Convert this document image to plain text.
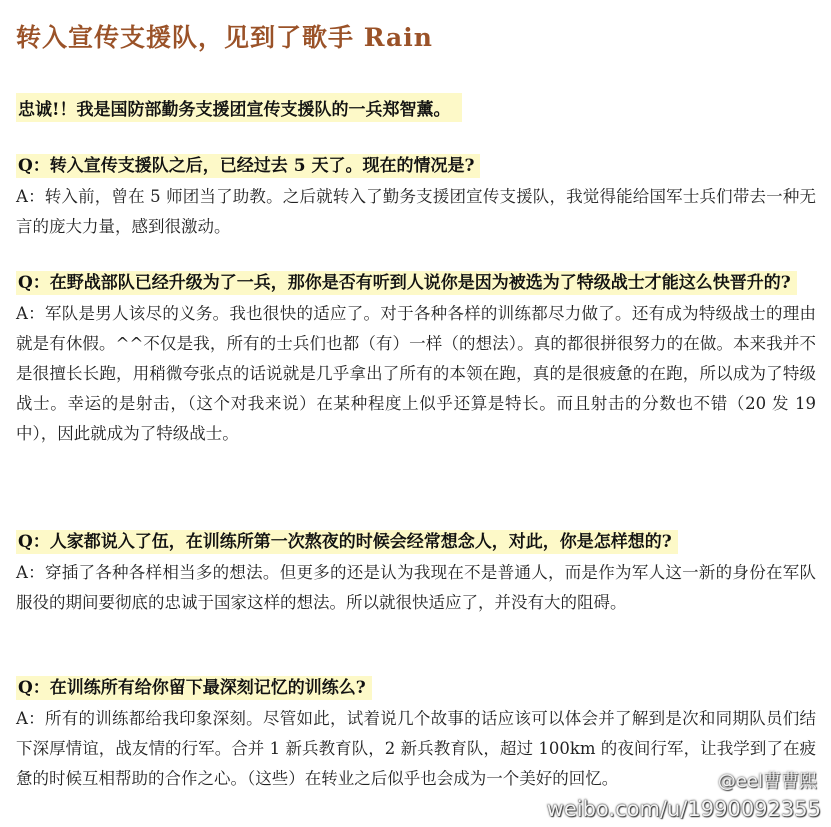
转入宣传支援队，见到了歌手 Rain
忠诚!！我是国防部勤务支援团宣传支援队的一兵郑智薰。
Q：转入宣传支援队之后，已经过去 5 天了。现在的情况是?

A：转入前，曾在 5 师团当了助教。之后就转入了勤务支援团宣传支援队，我觉得能给国军士兵们带去一种无言的庞大力量，感到很激动。

Q：在野战部队已经升级为了一兵，那你是否有听到人说你是因为被选为了特级战士才能这么快晋升的?

A：军队是男人该尽的义务。我也很快的适应了。对于各种各样的训练都尽力做了。还有成为特级战士的理由就是有休假。^^不仅是我，所有的士兵们也都（有）一样（的想法）。真的都很拼很努力的在做。本来我并不是很擅长长跑，用稍微夸张点的话说就是几乎拿出了所有的本领在跑，真的是很疲惫的在跑，所以成为了特级战士。幸运的是射击，（这个对我来说）在某种程度上似乎还算是特长。而且射击的分数也不错（20 发 19 中），因此就成为了特级战士。

Q：人家都说入了伍，在训练所第一次熬夜的时候会经常想念人，对此，你是怎样想的?

A：穿插了各种各样相当多的想法。但更多的还是认为我现在不是普通人，而是作为军人这一新的身份在军队服役的期间要彻底的忠诚于国家这样的想法。所以就很快适应了，并没有大的阻碍。

Q：在训练所有给你留下最深刻记忆的训练么?

A：所有的训练都给我印象深刻。尽管如此，试着说几个故事的话应该可以体会并了解到是次和同期队员们结下深厚情谊，战友情的行军。合并 1 新兵教育队，2 新兵教育队，超过 100km 的夜间行军，让我学到了在疲惫的时候互相帮助的合作之心。（这些）在转业之后似乎也会成为一个美好的回忆。	@eel曹曹熙
weibo.com/u/1990092355
